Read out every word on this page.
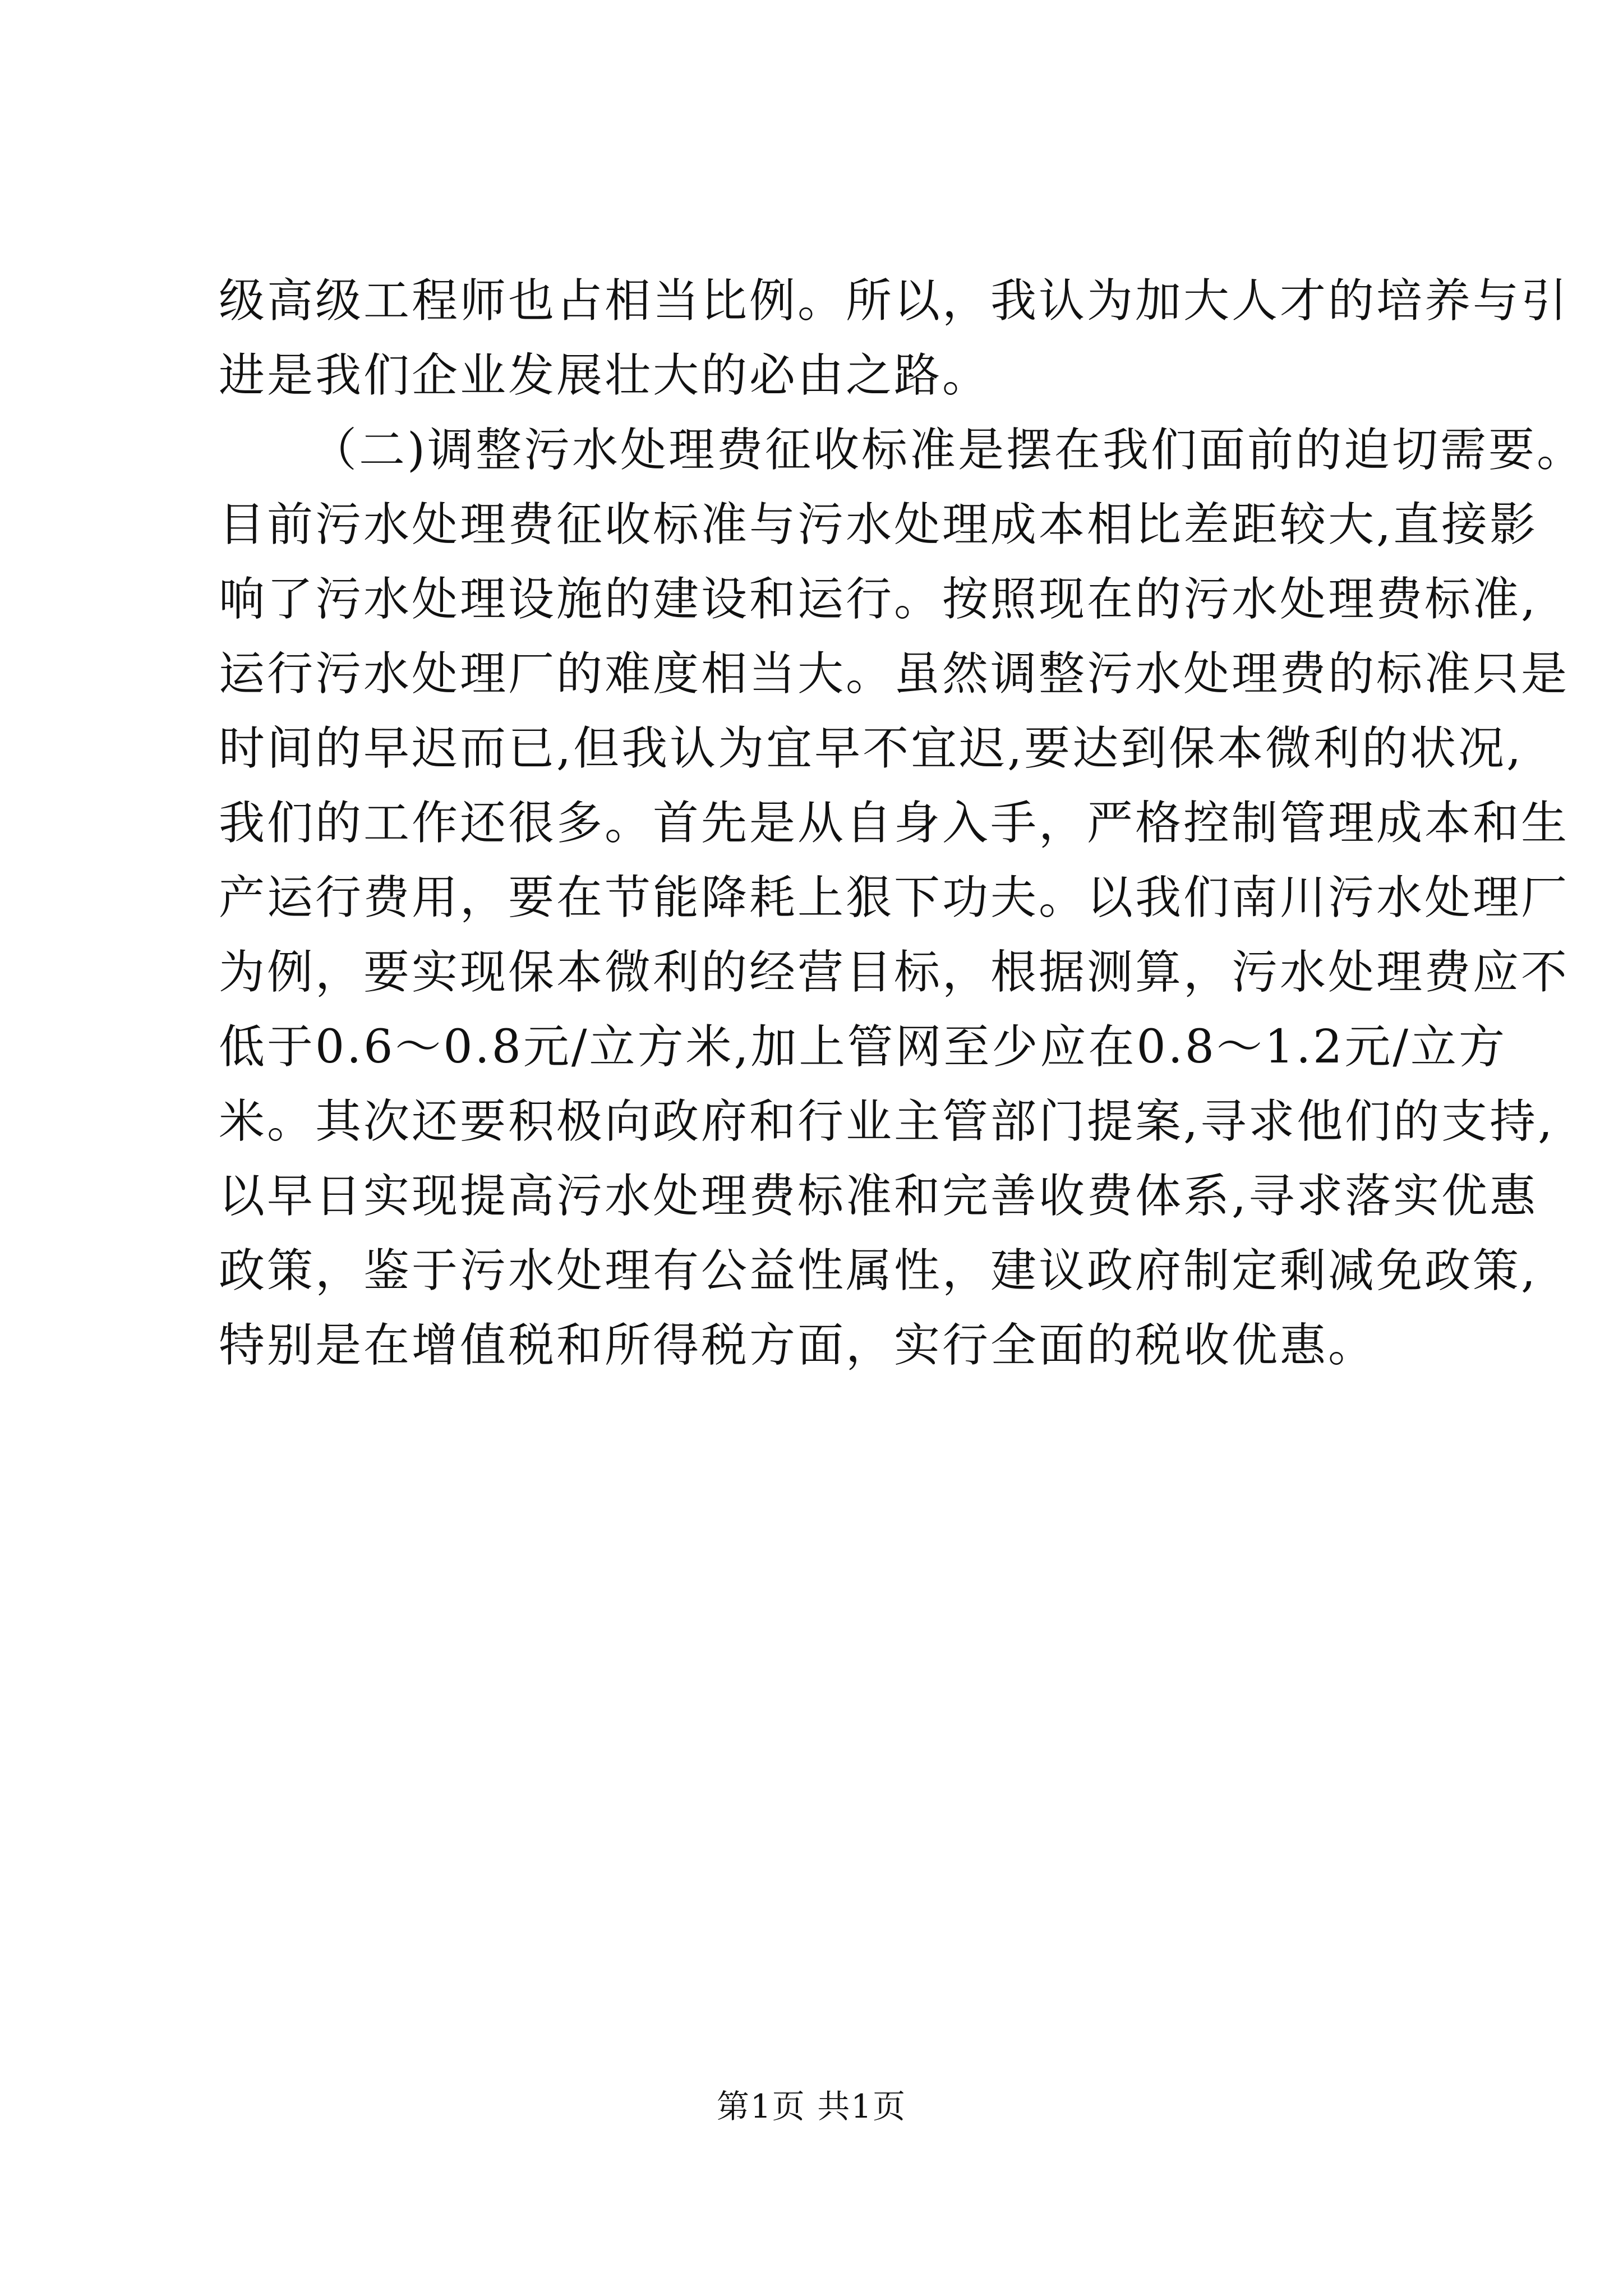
级高级工程师也占相当比例。所以，我认为加大人才的培养与引
进是我们企业发展壮大的必由之路。
（二)调整污水处理费征收标准是摆在我们面前的迫切需要。
目前污水处理费征收标准与污水处理成本相比差距较大,直接影
响了污水处理设施的建设和运行。按照现在的污水处理费标准,
运行污水处理厂的难度相当大。虽然调整污水处理费的标准只是
时间的早迟而已,但我认为宜早不宜迟,要达到保本微利的状况,
我们的工作还很多。首先是从自身入手，严格控制管理成本和生
产运行费用，要在节能降耗上狠下功夫。以我们南川污水处理厂
为例，要实现保本微利的经营目标，根据测算，污水处理费应不
低于0.6～0.8元/立方米,加上管网至少应在0.8～1.2元/立方
米。其次还要积极向政府和行业主管部门提案,寻求他们的支持,
以早日实现提高污水处理费标准和完善收费体系,寻求落实优惠
政策，鉴于污水处理有公益性属性，建议政府制定剩减免政策,
特别是在增值税和所得税方面，实行全面的税收优惠。
第1页 共1页
